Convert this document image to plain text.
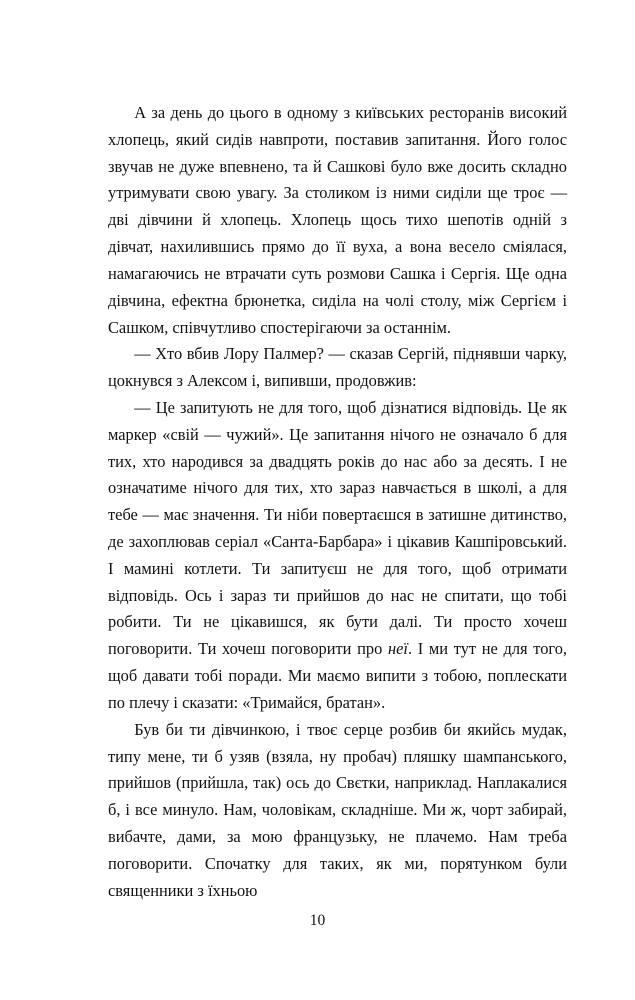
А за день до цього в одному з київських ресторанів високий хлопець, який сидів навпроти, поставив запитання. Його голос звучав не дуже впевнено, та й Сашкові було вже досить складно утримувати свою увагу. За столиком із ними сиділи ще троє — дві дівчини й хлопець. Хлопець щось тихо шепотів одній з дівчат, нахилившись прямо до її вуха, а вона весело сміялася, намагаючись не втрачати суть розмови Сашка і Сергія. Ще одна дівчина, ефектна брюнетка, сиділа на чолі столу, між Сергієм і Сашком, співчутливо спостерігаючи за останнім.

— Хто вбив Лору Палмер? — сказав Сергій, піднявши чарку, цокнувся з Алексом і, випивши, продовжив:

— Це запитують не для того, щоб дізнатися відповідь. Це як маркер «свій — чужий». Це запитання нічого не означало б для тих, хто народився за двадцять років до нас або за десять. І не означатиме нічого для тих, хто зараз навчається в школі, а для тебе — має значення. Ти ніби повертаєшся в затишне дитинство, де захоплював серіал «Санта-Барбара» і цікавив Кашпіровський. І мамині котлети. Ти запитуєш не для того, щоб отримати відповідь. Ось і зараз ти прийшов до нас не спитати, що тобі робити. Ти не цікавишся, як бути далі. Ти просто хочеш поговорити. Ти хочеш поговорити про неї. І ми тут не для того, щоб давати тобі поради. Ми маємо випити з тобою, поплескати по плечу і сказати: «Тримайся, братан».

Був би ти дівчинкою, і твоє серце розбив би якийсь мудак, типу мене, ти б узяв (взяла, ну пробач) пляшку шампанського, прийшов (прийшла, так) ось до Свєтки, наприклад. Наплакалися б, і все минуло. Нам, чоловікам, складніше. Ми ж, чорт забирай, вибачте, дами, за мою французьку, не плачемо. Нам треба поговорити. Спочатку для таких, як ми, порятунком були священники з їхньою

10
